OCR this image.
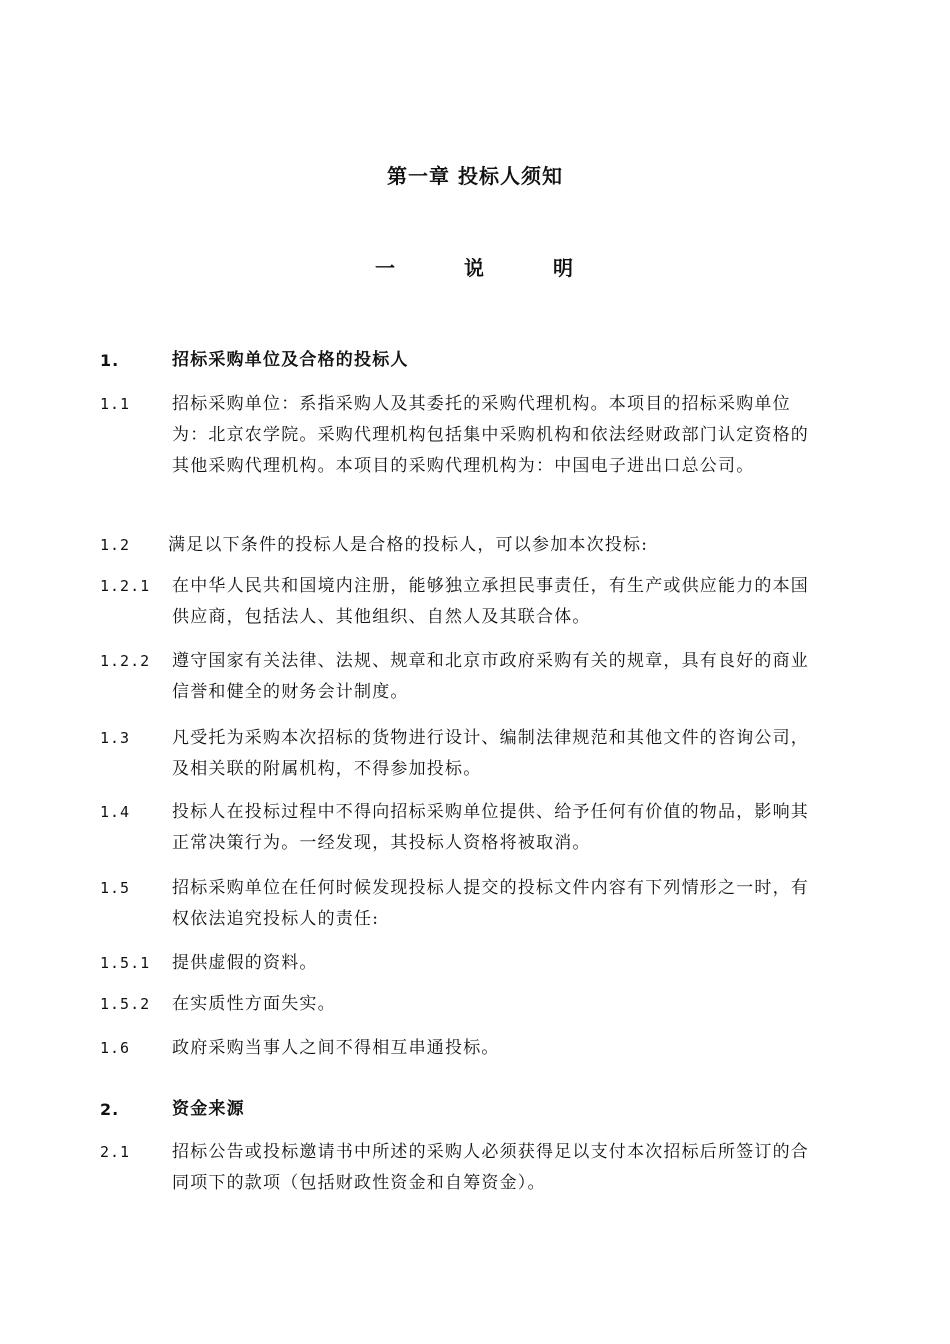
第一章 投标人须知
一	说	明
1.	招标采购单位及合格的投标人
1.1 招标采购单位：系指采购人及其委托的采购代理机构。本项目的招标采购单位为：北京农学院。采购代理机构包括集中采购机构和依法经财政部门认定资格的其他采购代理机构。本项目的采购代理机构为：中国电子进出口总公司。
1.2 满足以下条件的投标人是合格的投标人，可以参加本次投标:
1.2.1 在中华人民共和国境内注册，能够独立承担民事责任，有生产或供应能力的本国供应商，包括法人、其他组织、自然人及其联合体。
1.2.2 遵守国家有关法律、法规、规章和北京市政府采购有关的规章，具有良好的商业信誉和健全的财务会计制度。
1.3 凡受托为采购本次招标的货物进行设计、编制法律规范和其他文件的咨询公司，及相关联的附属机构，不得参加投标。
1.4 投标人在投标过程中不得向招标采购单位提供、给予任何有价值的物品，影响其正常决策行为。一经发现，其投标人资格将被取消。
1.5 招标采购单位在任何时候发现投标人提交的投标文件内容有下列情形之一时，有权依法追究投标人的责任:
1.5.1 提供虚假的资料。
1.5.2 在实质性方面失实。
1.6 政府采购当事人之间不得相互串通投标。
2.	资金来源
2.1 招标公告或投标邀请书中所述的采购人必须获得足以支付本次招标后所签订的合同项下的款项（包括财政性资金和自筹资金）。
